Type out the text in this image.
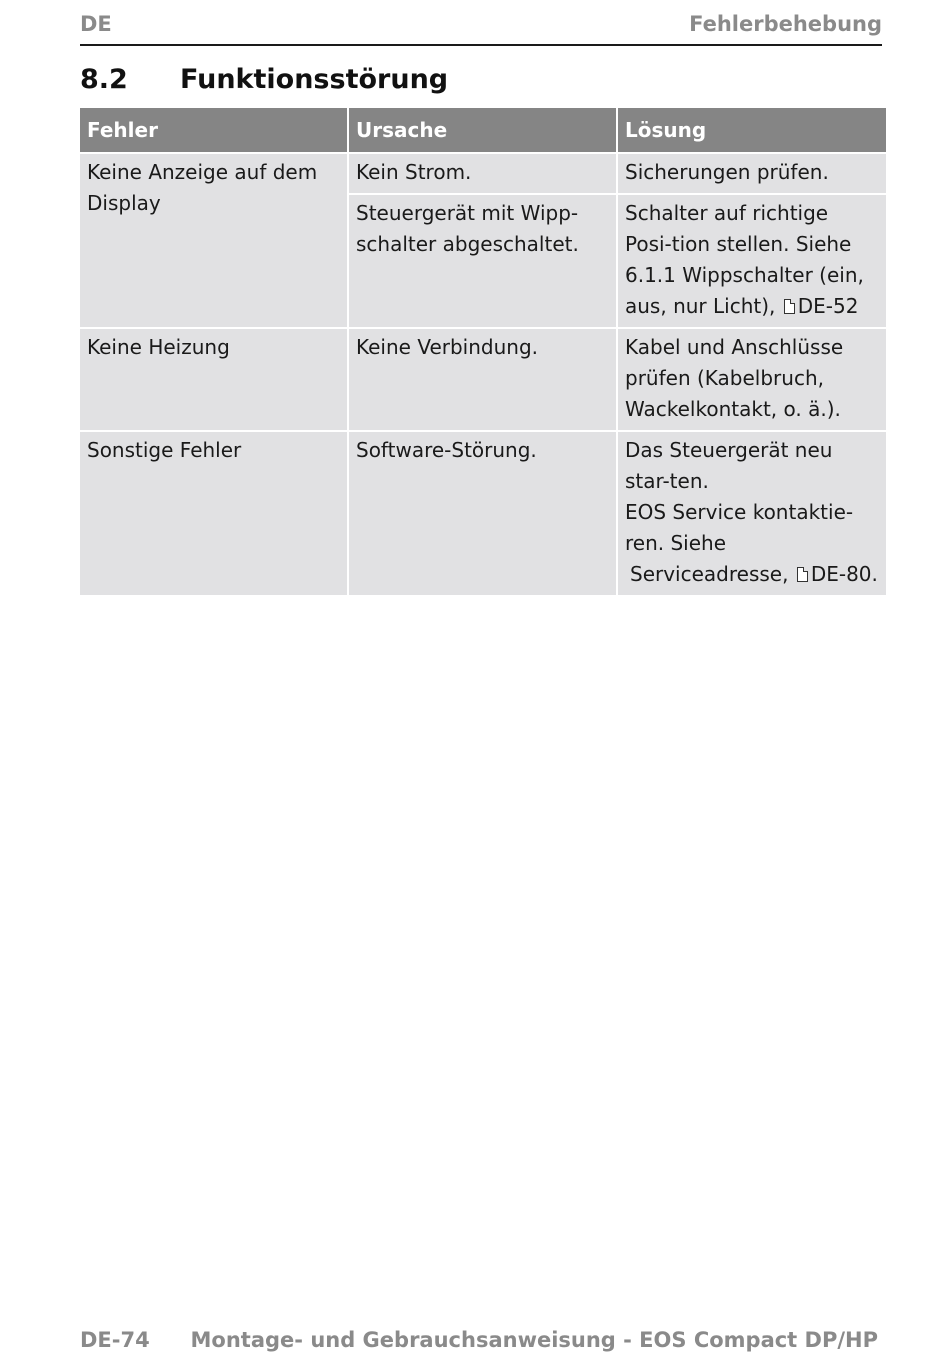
DE	Fehlerbehebung
8.2 Funktionsstörung
Fehler	Ursache	Lösung
Keine Anzeige auf dem Display	Kein Strom.	Sicherungen prüfen.
	Steuergerät mit Wipp-schalter abgeschaltet.	Schalter auf richtige Posi-tion stellen. Siehe 6.1.1 Wippschalter (ein, aus, nur Licht), DE-52
Keine Heizung	Keine Verbindung.	Kabel und Anschlüsse prüfen (Kabelbruch, Wackelkontakt, o. ä.).
Sonstige Fehler	Software-Störung.	Das Steuergerät neu star-ten.
EOS Service kontaktie-ren. Siehe
Serviceadresse, DE-80.
DE-74 Montage- und Gebrauchsanweisung - EOS Compact DP/HP
